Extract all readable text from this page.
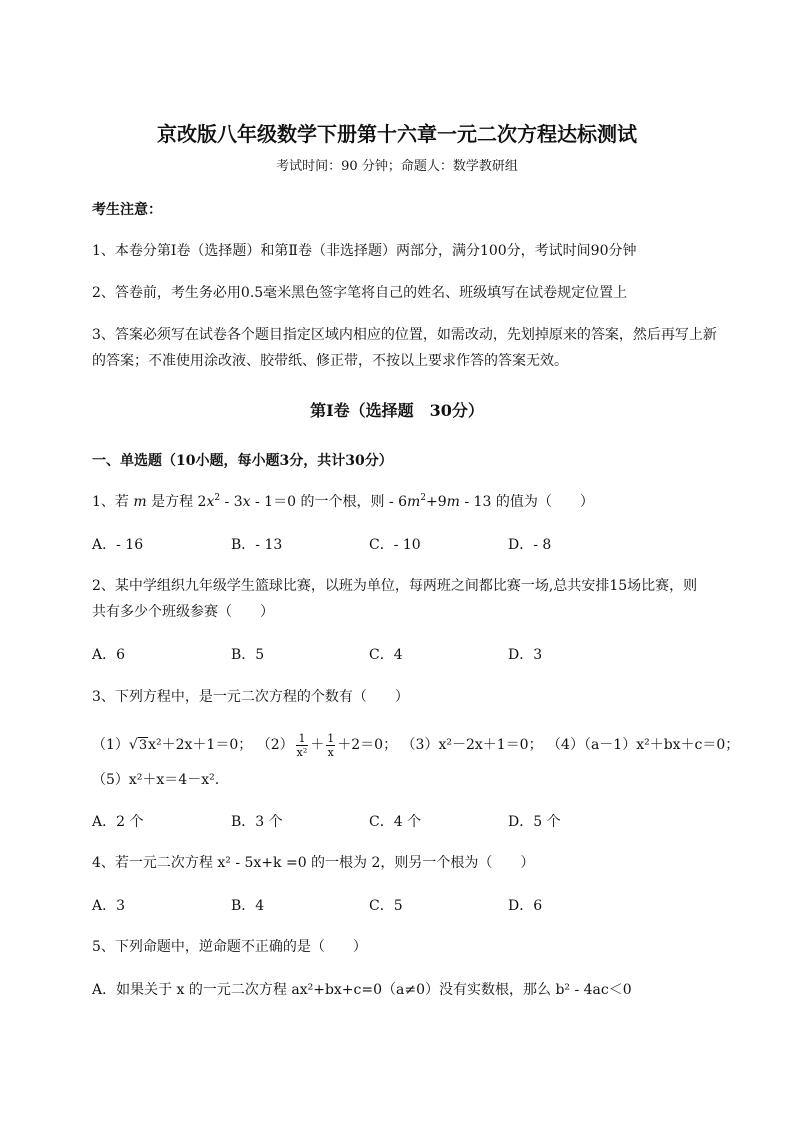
京改版八年级数学下册第十六章一元二次方程达标测试
考试时间：90 分钟；命题人：数学教研组
考生注意：
1、本卷分第Ⅰ卷（选择题）和第Ⅱ卷（非选择题）两部分，满分100分，考试时间90分钟
2、答卷前，考生务必用0.5毫米黑色签字笔将自己的姓名、班级填写在试卷规定位置上
3、答案必须写在试卷各个题目指定区域内相应的位置，如需改动，先划掉原来的答案，然后再写上新
的答案；不准使用涂改液、胶带纸、修正带，不按以上要求作答的答案无效。
第Ⅰ卷（选择题　30分）
一、单选题（10小题，每小题3分，共计30分）
1、若 m 是方程 $2x^2 - 3x - 1=0$ 的一个根，则 - $6m^2+9m - 13$ 的值为（　　）
A．- 16	B．- 13	C．- 10	D．- 8
2、某中学组织九年级学生篮球比赛，以班为单位，每两班之间都比赛一场,总共安排15场比赛，则
共有多少个班级参赛（　　）
A．6	B．5	C．4	D．3
3、下列方程中，是一元二次方程的个数有（　　）
（1）√3x²＋2x＋1＝0； $(2) \frac{1}{\text{x²}} + \frac{1}{x} +2=0$； （3）x²－2x＋1＝0； （4）（a－1）x²＋bx＋c＝0；
（5）x²＋x＝4－x².
A．2 个	B．3 个	C．4 个	D．5 个
4、若一元二次方程 x² - 5x+k =0 的一根为 2，则另一个根为（　　）
A．3	B．4	C．5	D．6
5、下列命题中，逆命题不正确的是（　　）
A．如果关于 x 的一元二次方程 ax²+bx+c=0（a≠0）没有实数根，那么 b² - 4ac＜0
